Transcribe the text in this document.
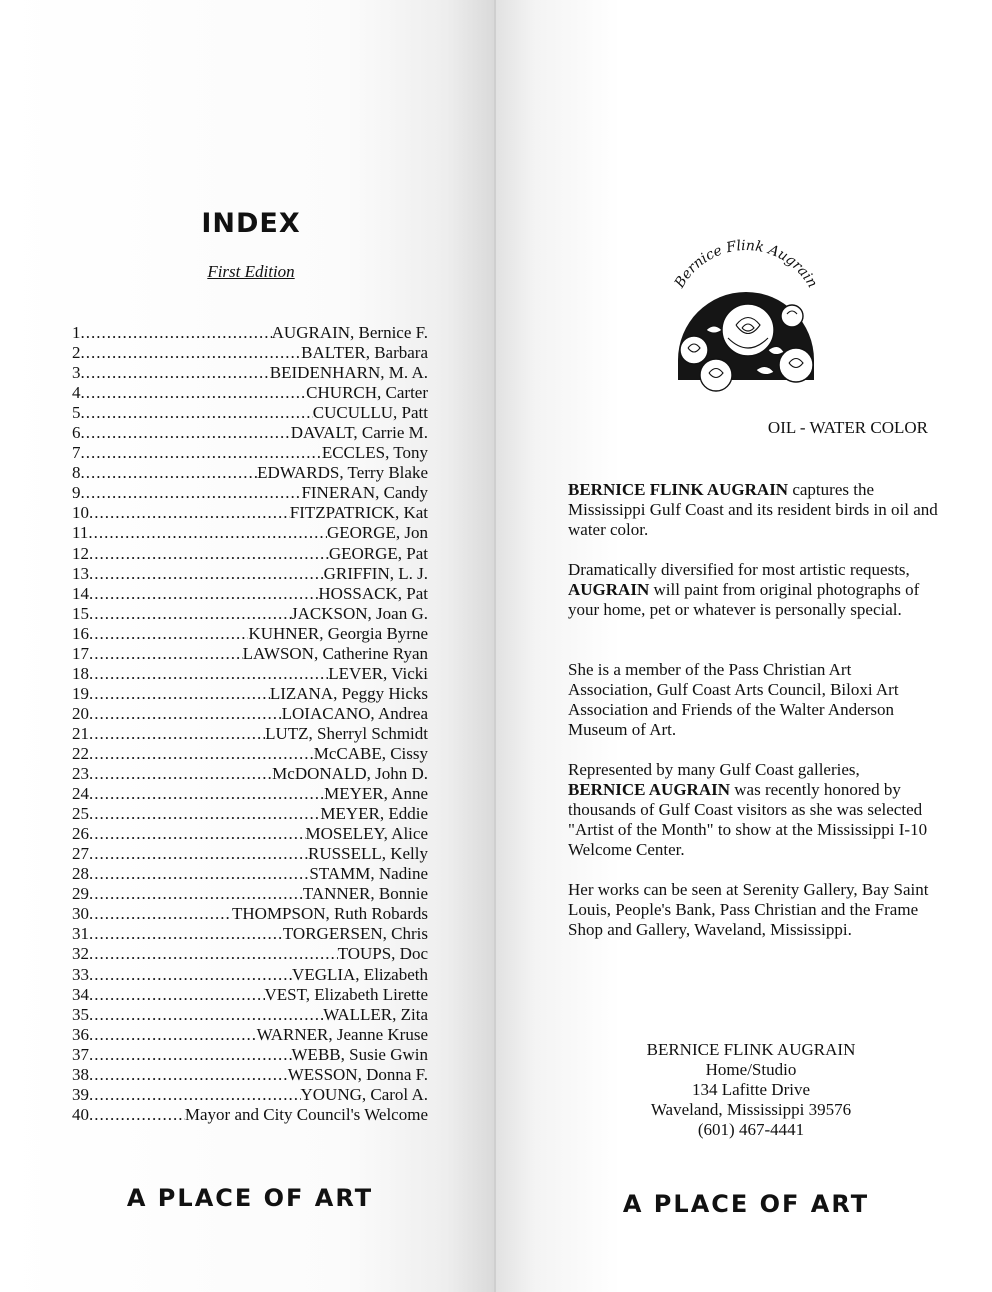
INDEX
First Edition
1 .....	AUGRAIN, Bernice F.
2 .....	BALTER, Barbara
3 .....	BEIDENHARN, M. A.
4 .....	CHURCH, Carter
5 .....	CUCULLU, Patt
6 .....	DAVALT, Carrie M.
7 .....	ECCLES, Tony
8 .....	EDWARDS, Terry Blake
9 .....	FINERAN, Candy
10 .....	FITZPATRICK, Kat
11 .....	GEORGE, Jon
12 .....	GEORGE, Pat
13 .....	GRIFFIN, L. J.
14 .....	HOSSACK, Pat
15 .....	JACKSON, Joan G.
16 .....	KUHNER, Georgia Byrne
17 .....	LAWSON, Catherine Ryan
18 .....	LEVER, Vicki
19 .....	LIZANA, Peggy Hicks
20 .....	LOIACANO, Andrea
21 .....	LUTZ, Sherryl Schmidt
22 .....	McCABE, Cissy
23 .....	McDONALD, John D.
24 .....	MEYER, Anne
25 .....	MEYER, Eddie
26 .....	MOSELEY, Alice
27 .....	RUSSELL, Kelly
28 .....	STAMM, Nadine
29 .....	TANNER, Bonnie
30 .....	THOMPSON, Ruth Robards
31 .....	TORGERSEN, Chris
32 .....	TOUPS, Doc
33 .....	VEGLIA, Elizabeth
34 .....	VEST, Elizabeth Lirette
35 .....	WALLER, Zita
36 .....	WARNER, Jeanne Kruse
37 .....	WEBB, Susie Gwin
38 .....	WESSON, Donna F.
39 .....	YOUNG, Carol A.
40 .....	Mayor and City Council's Welcome
A PLACE OF ART
Bernice Flink Augrain
OIL - WATER COLOR

BERNICE FLINK AUGRAIN captures the Mississippi Gulf Coast and its resident birds in oil and water color.

Dramatically diversified for most artistic requests, AUGRAIN will paint from original photographs of your home, pet or whatever is personally special.

She is a member of the Pass Christian Art Association, Gulf Coast Arts Council, Biloxi Art Association and Friends of the Walter Anderson Museum of Art.

Represented by many Gulf Coast galleries, BERNICE AUGRAIN was recently honored by thousands of Gulf Coast visitors as she was selected "Artist of the Month" to show at the Mississippi I-10 Welcome Center.

Her works can be seen at Serenity Gallery, Bay Saint Louis, People's Bank, Pass Christian and the Frame Shop and Gallery, Waveland, Mississippi.

BERNICE FLINK AUGRAIN
Home/Studio
134 Lafitte Drive
Waveland, Mississippi 39576
(601) 467-4441
A PLACE OF ART
